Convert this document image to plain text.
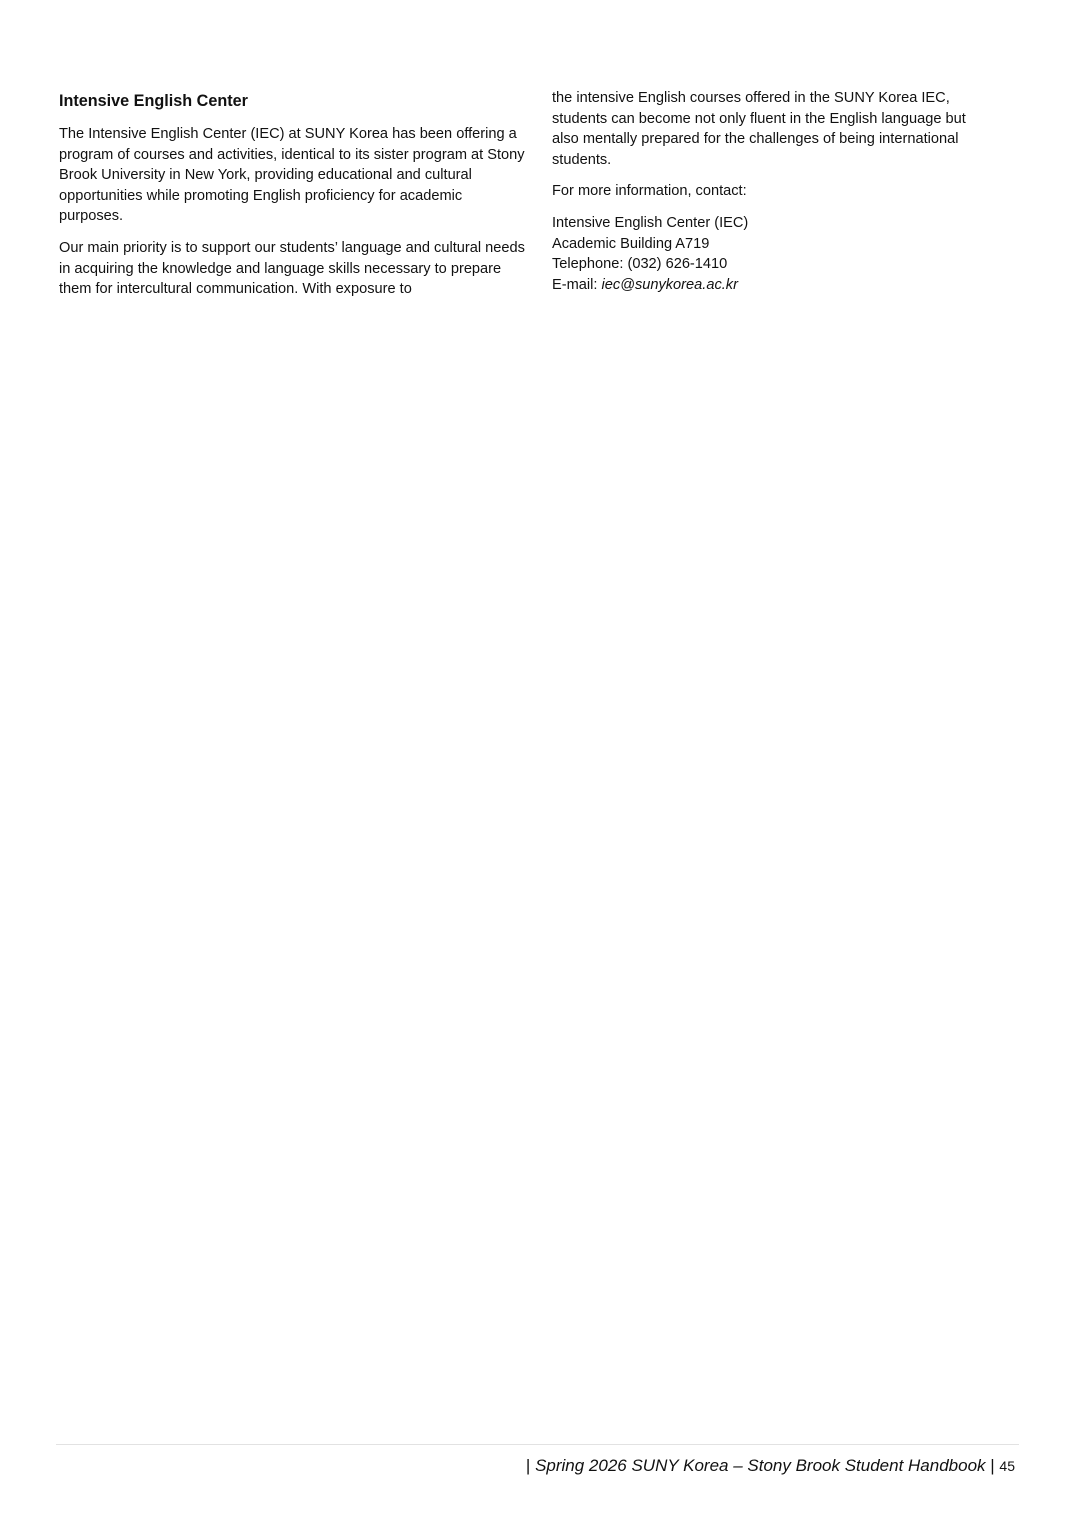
Intensive English Center

The Intensive English Center (IEC) at SUNY Korea has been offering a program of courses and activities, identical to its sister program at Stony Brook University in New York, providing educational and cultural opportunities while promoting English proficiency for academic purposes.

Our main priority is to support our students’ language and cultural needs in acquiring the knowledge and language skills necessary to prepare them for intercultural communication. With exposure to

the intensive English courses offered in the SUNY Korea IEC, students can become not only fluent in the English language but also mentally prepared for the challenges of being international students.

For more information, contact:

Intensive English Center (IEC)
Academic Building A719
Telephone: (032) 626-1410
E-mail: iec@sunykorea.ac.kr
| Spring 2026 SUNY Korea – Stony Brook Student Handbook | 45
